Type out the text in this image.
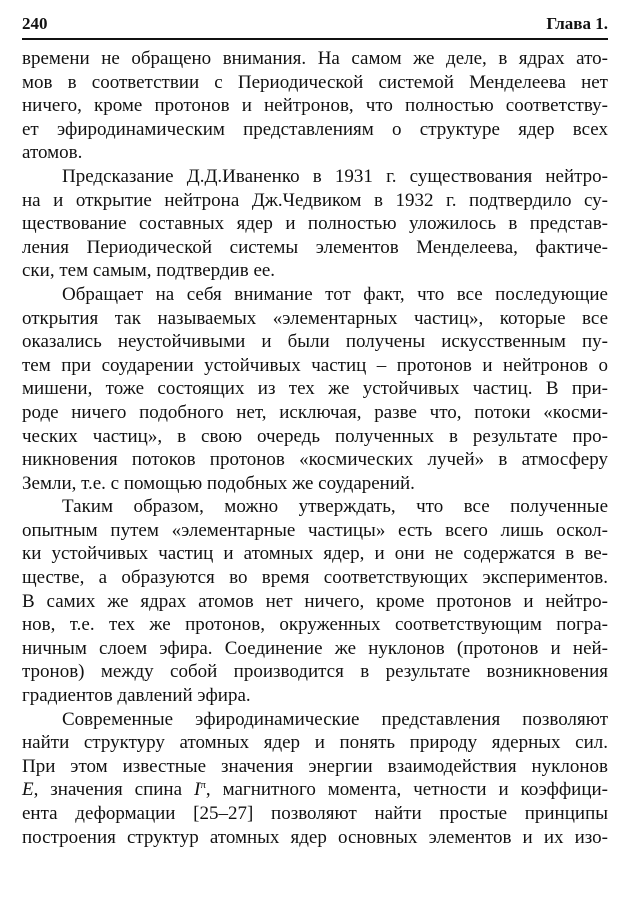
240	Глава 1.

времени не обращено внимания. На самом же деле, в ядрах ато-
мов в соответствии с Периодической системой Менделеева нет
ничего, кроме протонов и нейтронов, что полностью соответству-
ет эфиродинамическим представлениям о структуре ядер всех
атомов.

Предсказание Д.Д.Иваненко в 1931 г. существования нейтро-
на и открытие нейтрона Дж.Чедвиком в 1932 г. подтвердило су-
ществование составных ядер и полностью уложилось в представ-
ления Периодической системы элементов Менделеева, фактиче-
ски, тем самым, подтвердив ее.

Обращает на себя внимание тот факт, что все последующие
открытия так называемых «элементарных частиц», которые все
оказались неустойчивыми и были получены искусственным пу-
тем при соударении устойчивых частиц – протонов и нейтронов о
мишени, тоже состоящих из тех же устойчивых частиц. В при-
роде ничего подобного нет, исключая, разве что, потоки «косми-
ческих частиц», в свою очередь полученных в результате про-
никновения потоков протонов «космических лучей» в атмосферу
Земли, т.е. с помощью подобных же соударений.

Таким образом, можно утверждать, что все полученные
опытным путем «элементарные частицы» есть всего лишь оскол-
ки устойчивых частиц и атомных ядер, и они не содержатся в ве-
ществе, а образуются во время соответствующих экспериментов.
В самих же ядрах атомов нет ничего, кроме протонов и нейтро-
нов, т.е. тех же протонов, окруженных соответствующим погра-
ничным слоем эфира. Соединение же нуклонов (протонов и ней-
тронов) между собой производится в результате возникновения
градиентов давлений эфира.

Современные эфиродинамические представления позволяют
найти структуру атомных ядер и понять природу ядерных сил.
При этом известные значения энергии взаимодействия нуклонов
E, значения спина $I^\pi$, магнитного момента, четности и коэффици-
ента деформации [25–27] позволяют найти простые принципы
построения структур атомных ядер основных элементов и их изо-
